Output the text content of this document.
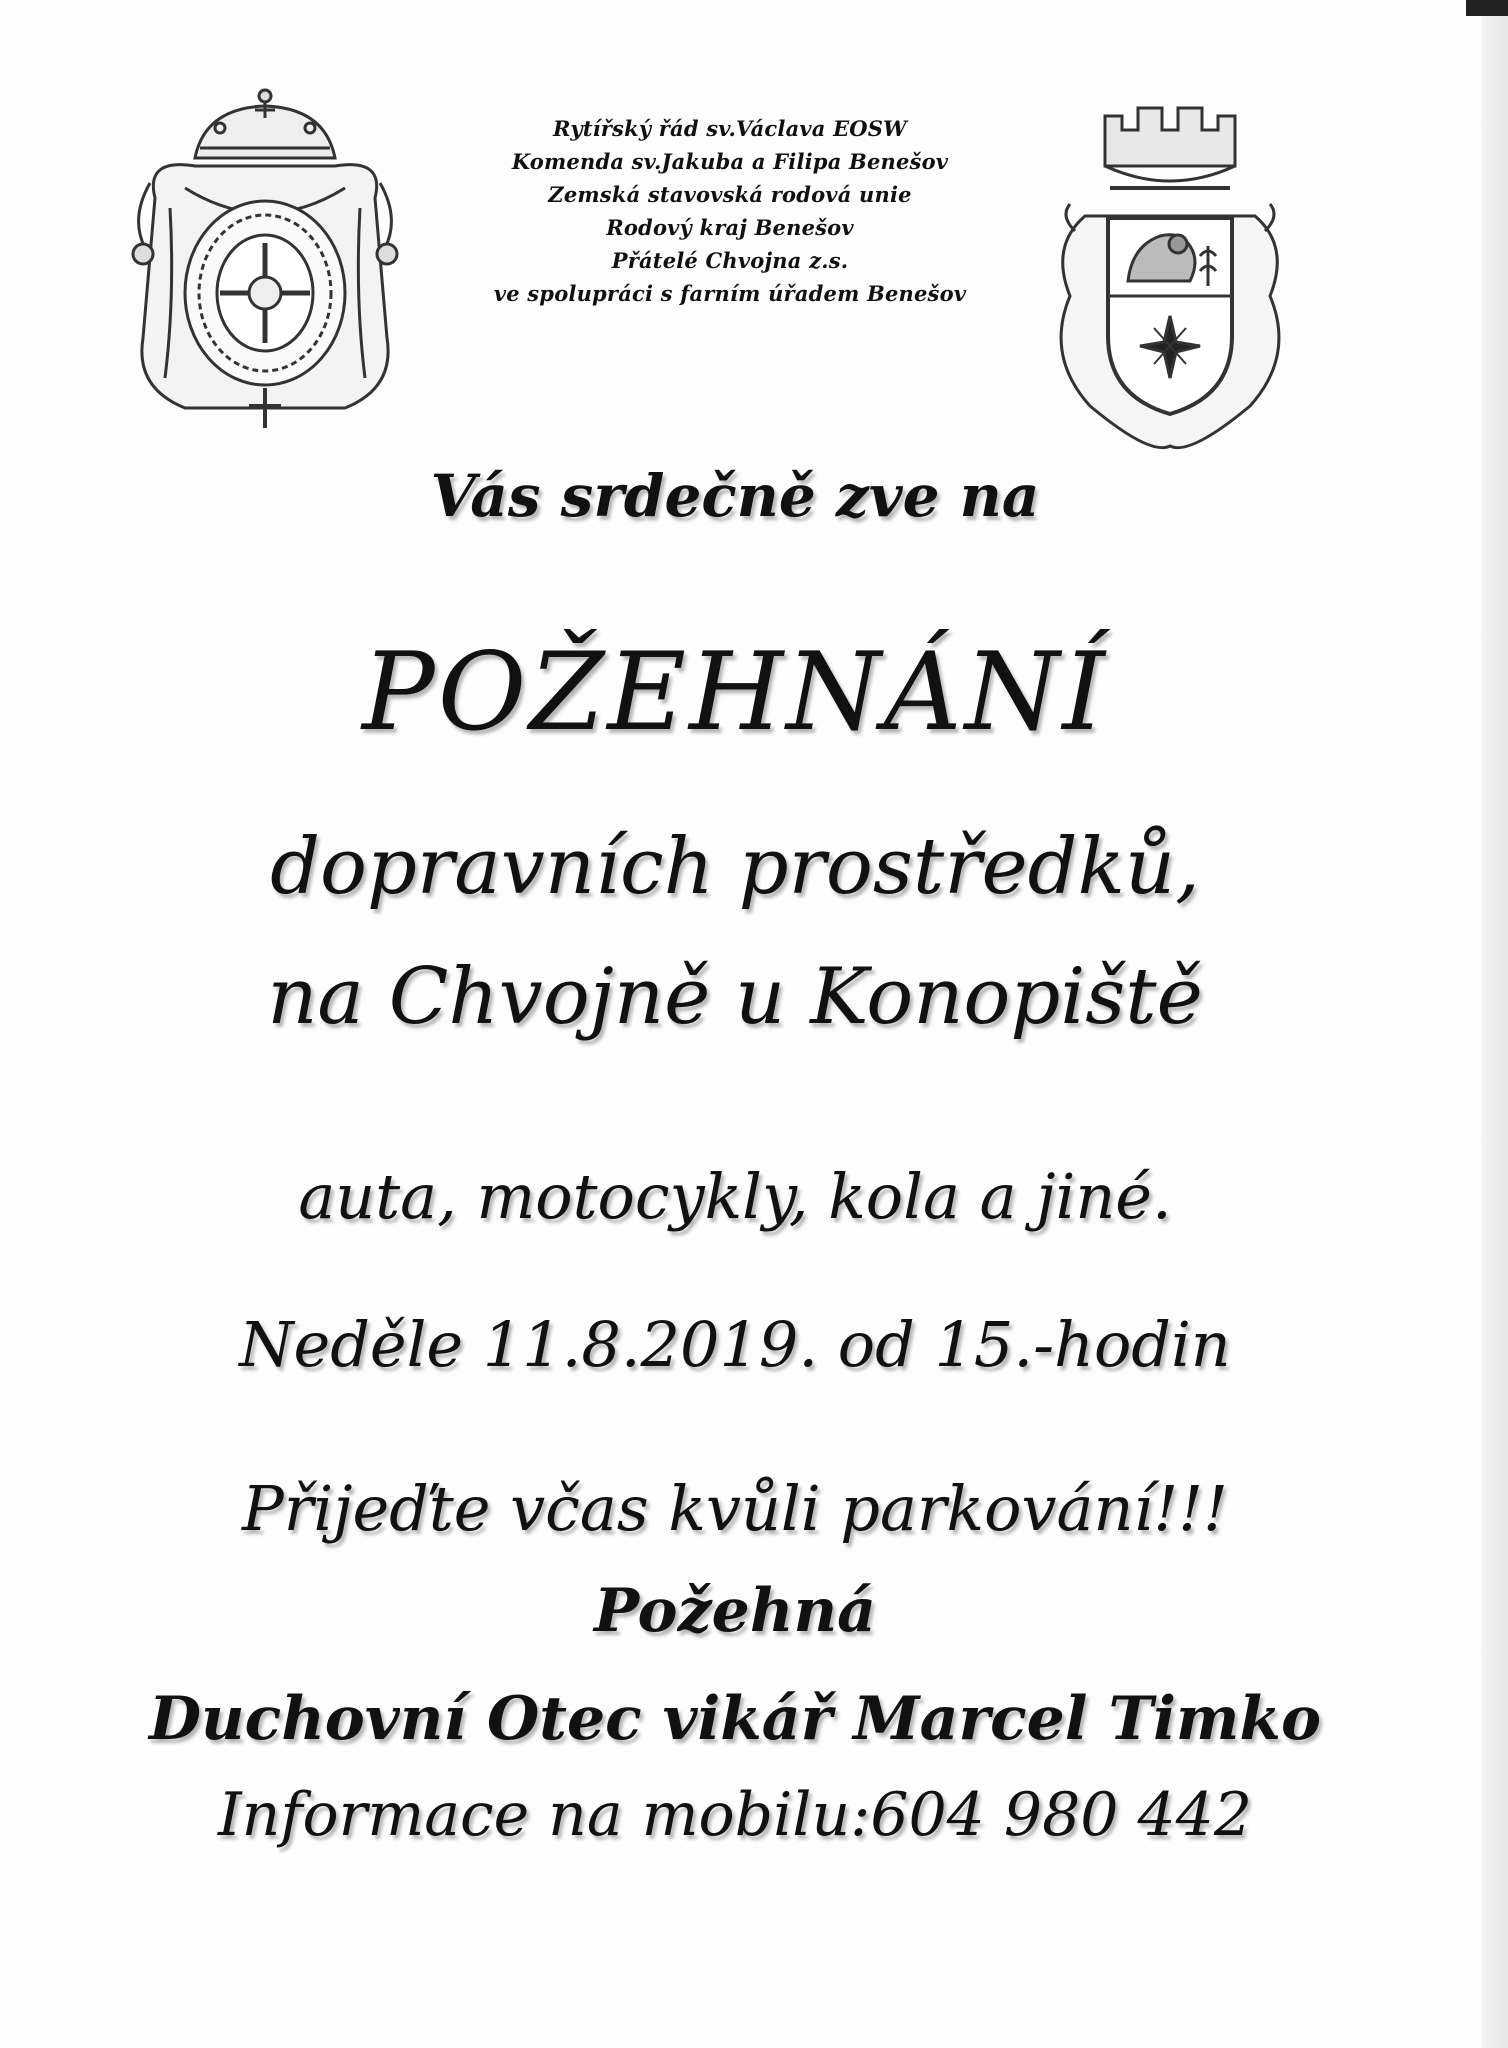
Rytířský řád sv.Václava EOSW
Komenda sv.Jakuba a Filipa Benešov
Zemská stavovská rodová unie
Rodový kraj Benešov
Přátelé Chvojna z.s.
ve spolupráci s farním úřadem Benešov
Vás srdečně zve na
POŽEHNÁNÍ
dopravních prostředků,
na Chvojně u Konopiště
auta, motocykly, kola a jiné.
Neděle 11.8.2019. od 15.-hodin
Přijeďte včas kvůli parkování!!!
Požehná
Duchovní Otec vikář Marcel Timko
Informace na mobilu:604 980 442
